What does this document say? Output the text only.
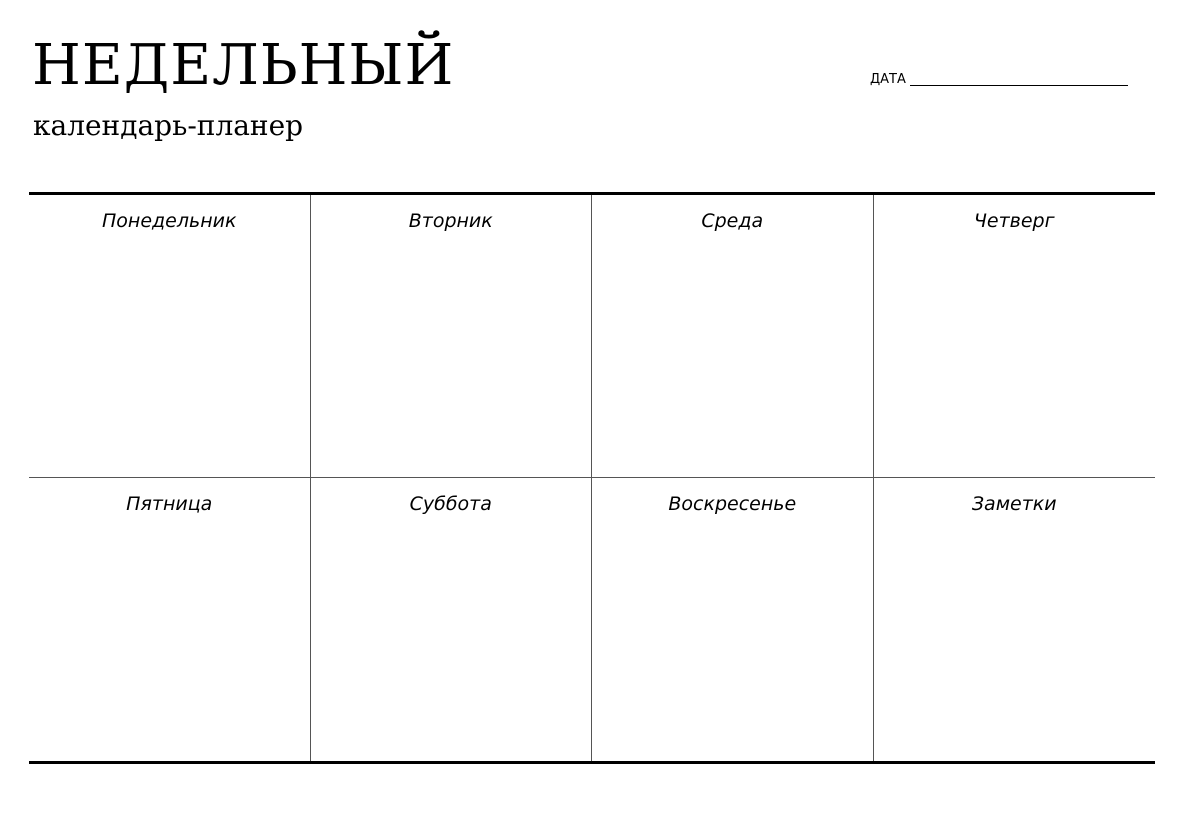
НЕДЕЛЬНЫЙ
календарь-планер
ДАТА
Понедельник	Вторник	Среда	Четверг
Пятница	Суббота	Воскресенье	Заметки
